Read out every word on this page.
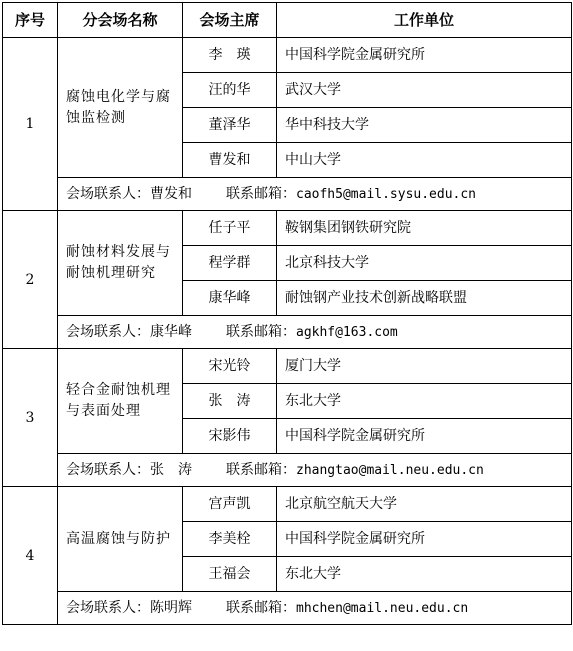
序号	分会场名称	会场主席	工作单位
1	腐蚀电化学与腐蚀监检测	李　瑛	中国科学院金属研究所
		汪的华	武汉大学
		董泽华	华中科技大学
		曹发和	中山大学
	会场联系人：曹发和 联系邮箱：caofh5@mail.sysu.edu.cn		
2	耐蚀材料发展与耐蚀机理研究	任子平	鞍钢集团钢铁研究院
		程学群	北京科技大学
		康华峰	耐蚀钢产业技术创新战略联盟
	会场联系人：康华峰 联系邮箱：agkhf@163.com		
3	轻合金耐蚀机理与表面处理	宋光铃	厦门大学
		张　涛	东北大学
		宋影伟	中国科学院金属研究所
	会场联系人：张　涛 联系邮箱：zhangtao@mail.neu.edu.cn		
4	高温腐蚀与防护	宫声凯	北京航空航天大学
		李美栓	中国科学院金属研究所
		王福会	东北大学
	会场联系人：陈明辉 联系邮箱：mhchen@mail.neu.edu.cn		
